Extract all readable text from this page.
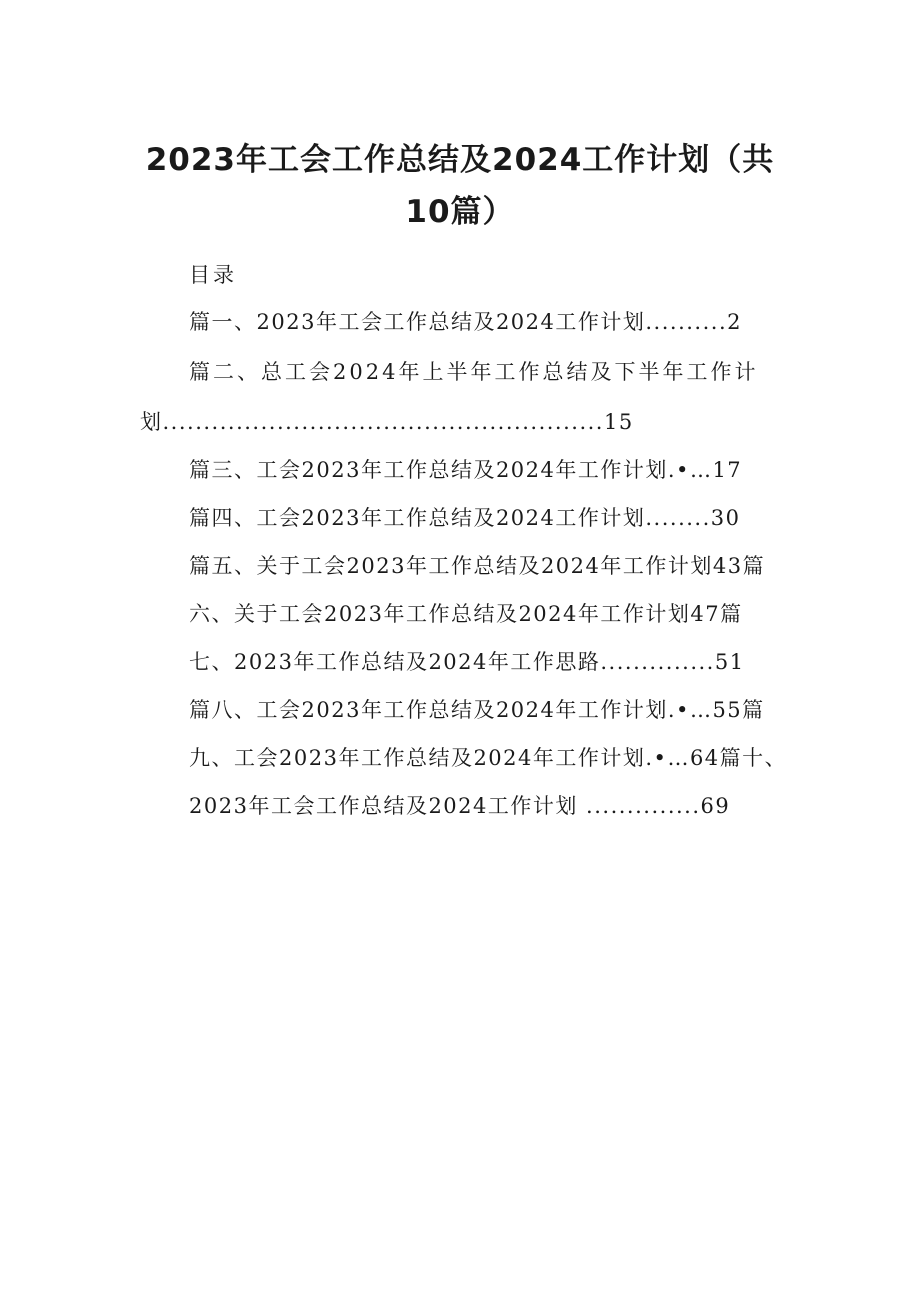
2023年工会工作总结及2024工作计划（共
10篇）

目录

篇一、2023年工会工作总结及2024工作计划..........2

篇二、总工会2024年上半年工作总结及下半年工作计

划......................................................15

篇三、工会2023年工作总结及2024年工作计划.•…17

篇四、工会2023年工作总结及2024工作计划........30

篇五、关于工会2023年工作总结及2024年工作计划43篇

六、关于工会2023年工作总结及2024年工作计划47篇

七、2023年工作总结及2024年工作思路..............51

篇八、工会2023年工作总结及2024年工作计划.•…55篇

九、工会2023年工作总结及2024年工作计划.•…64篇十、

2023年工会工作总结及2024工作计划 ..............69
